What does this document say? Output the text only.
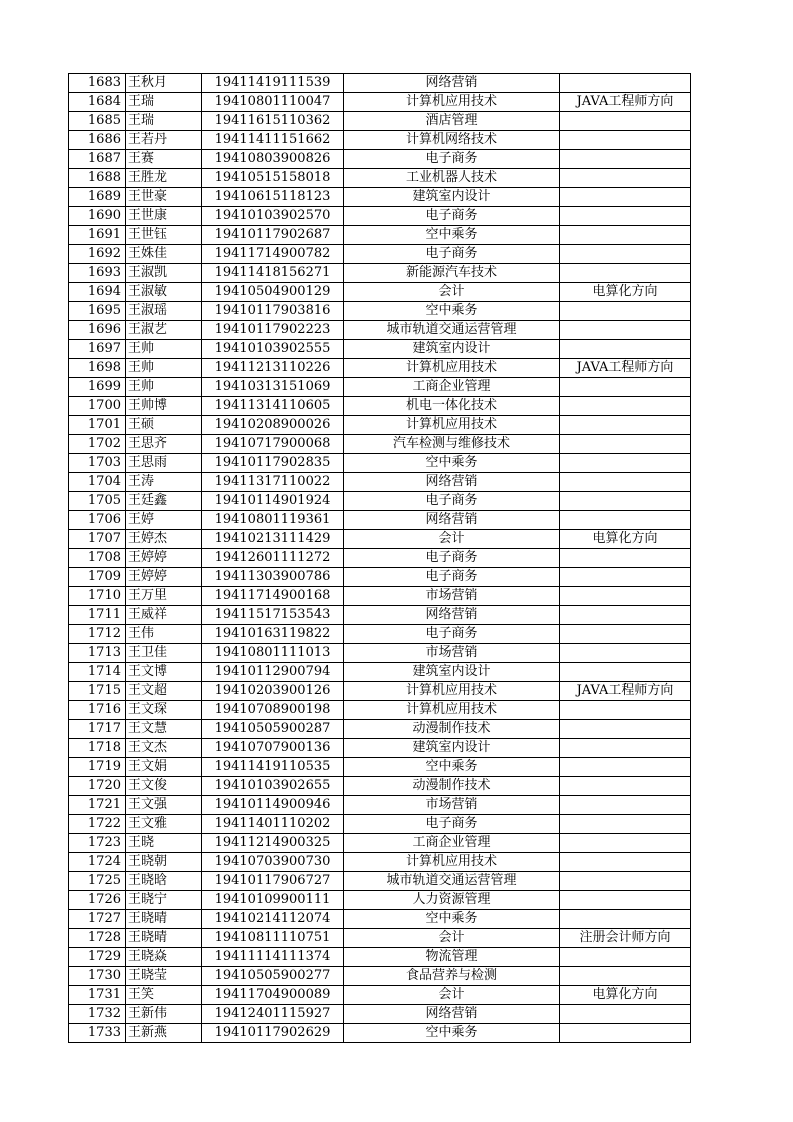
1683	王秋月	19411419111539	网络营销	
1684	王瑞	19410801110047	计算机应用技术	JAVA工程师方向
1685	王瑞	19411615110362	酒店管理	
1686	王若丹	19411411151662	计算机网络技术	
1687	王赛	19410803900826	电子商务	
1688	王胜龙	19410515158018	工业机器人技术	
1689	王世豪	19410615118123	建筑室内设计	
1690	王世康	19410103902570	电子商务	
1691	王世钰	19410117902687	空中乘务	
1692	王姝佳	19411714900782	电子商务	
1693	王淑凯	19411418156271	新能源汽车技术	
1694	王淑敏	19410504900129	会计	电算化方向
1695	王淑瑶	19410117903816	空中乘务	
1696	王淑艺	19410117902223	城市轨道交通运营管理	
1697	王帅	19410103902555	建筑室内设计	
1698	王帅	19411213110226	计算机应用技术	JAVA工程师方向
1699	王帅	19410313151069	工商企业管理	
1700	王帅博	19411314110605	机电一体化技术	
1701	王硕	19410208900026	计算机应用技术	
1702	王思齐	19410717900068	汽车检测与维修技术	
1703	王思雨	19410117902835	空中乘务	
1704	王涛	19411317110022	网络营销	
1705	王廷鑫	19410114901924	电子商务	
1706	王婷	19410801119361	网络营销	
1707	王婷杰	19410213111429	会计	电算化方向
1708	王婷婷	19412601111272	电子商务	
1709	王婷婷	19411303900786	电子商务	
1710	王万里	19411714900168	市场营销	
1711	王威祥	19411517153543	网络营销	
1712	王伟	19410163119822	电子商务	
1713	王卫佳	19410801111013	市场营销	
1714	王文博	19410112900794	建筑室内设计	
1715	王文超	19410203900126	计算机应用技术	JAVA工程师方向
1716	王文琛	19410708900198	计算机应用技术	
1717	王文慧	19410505900287	动漫制作技术	
1718	王文杰	19410707900136	建筑室内设计	
1719	王文娟	19411419110535	空中乘务	
1720	王文俊	19410103902655	动漫制作技术	
1721	王文强	19410114900946	市场营销	
1722	王文雅	19411401110202	电子商务	
1723	王晓	19411214900325	工商企业管理	
1724	王晓朝	19410703900730	计算机应用技术	
1725	王晓晗	19410117906727	城市轨道交通运营管理	
1726	王晓宁	19410109900111	人力资源管理	
1727	王晓晴	19410214112074	空中乘务	
1728	王晓晴	19410811110751	会计	注册会计师方向
1729	王晓焱	19411114111374	物流管理	
1730	王晓莹	19410505900277	食品营养与检测	
1731	王笑	19411704900089	会计	电算化方向
1732	王新伟	19412401115927	网络营销	
1733	王新燕	19410117902629	空中乘务	
